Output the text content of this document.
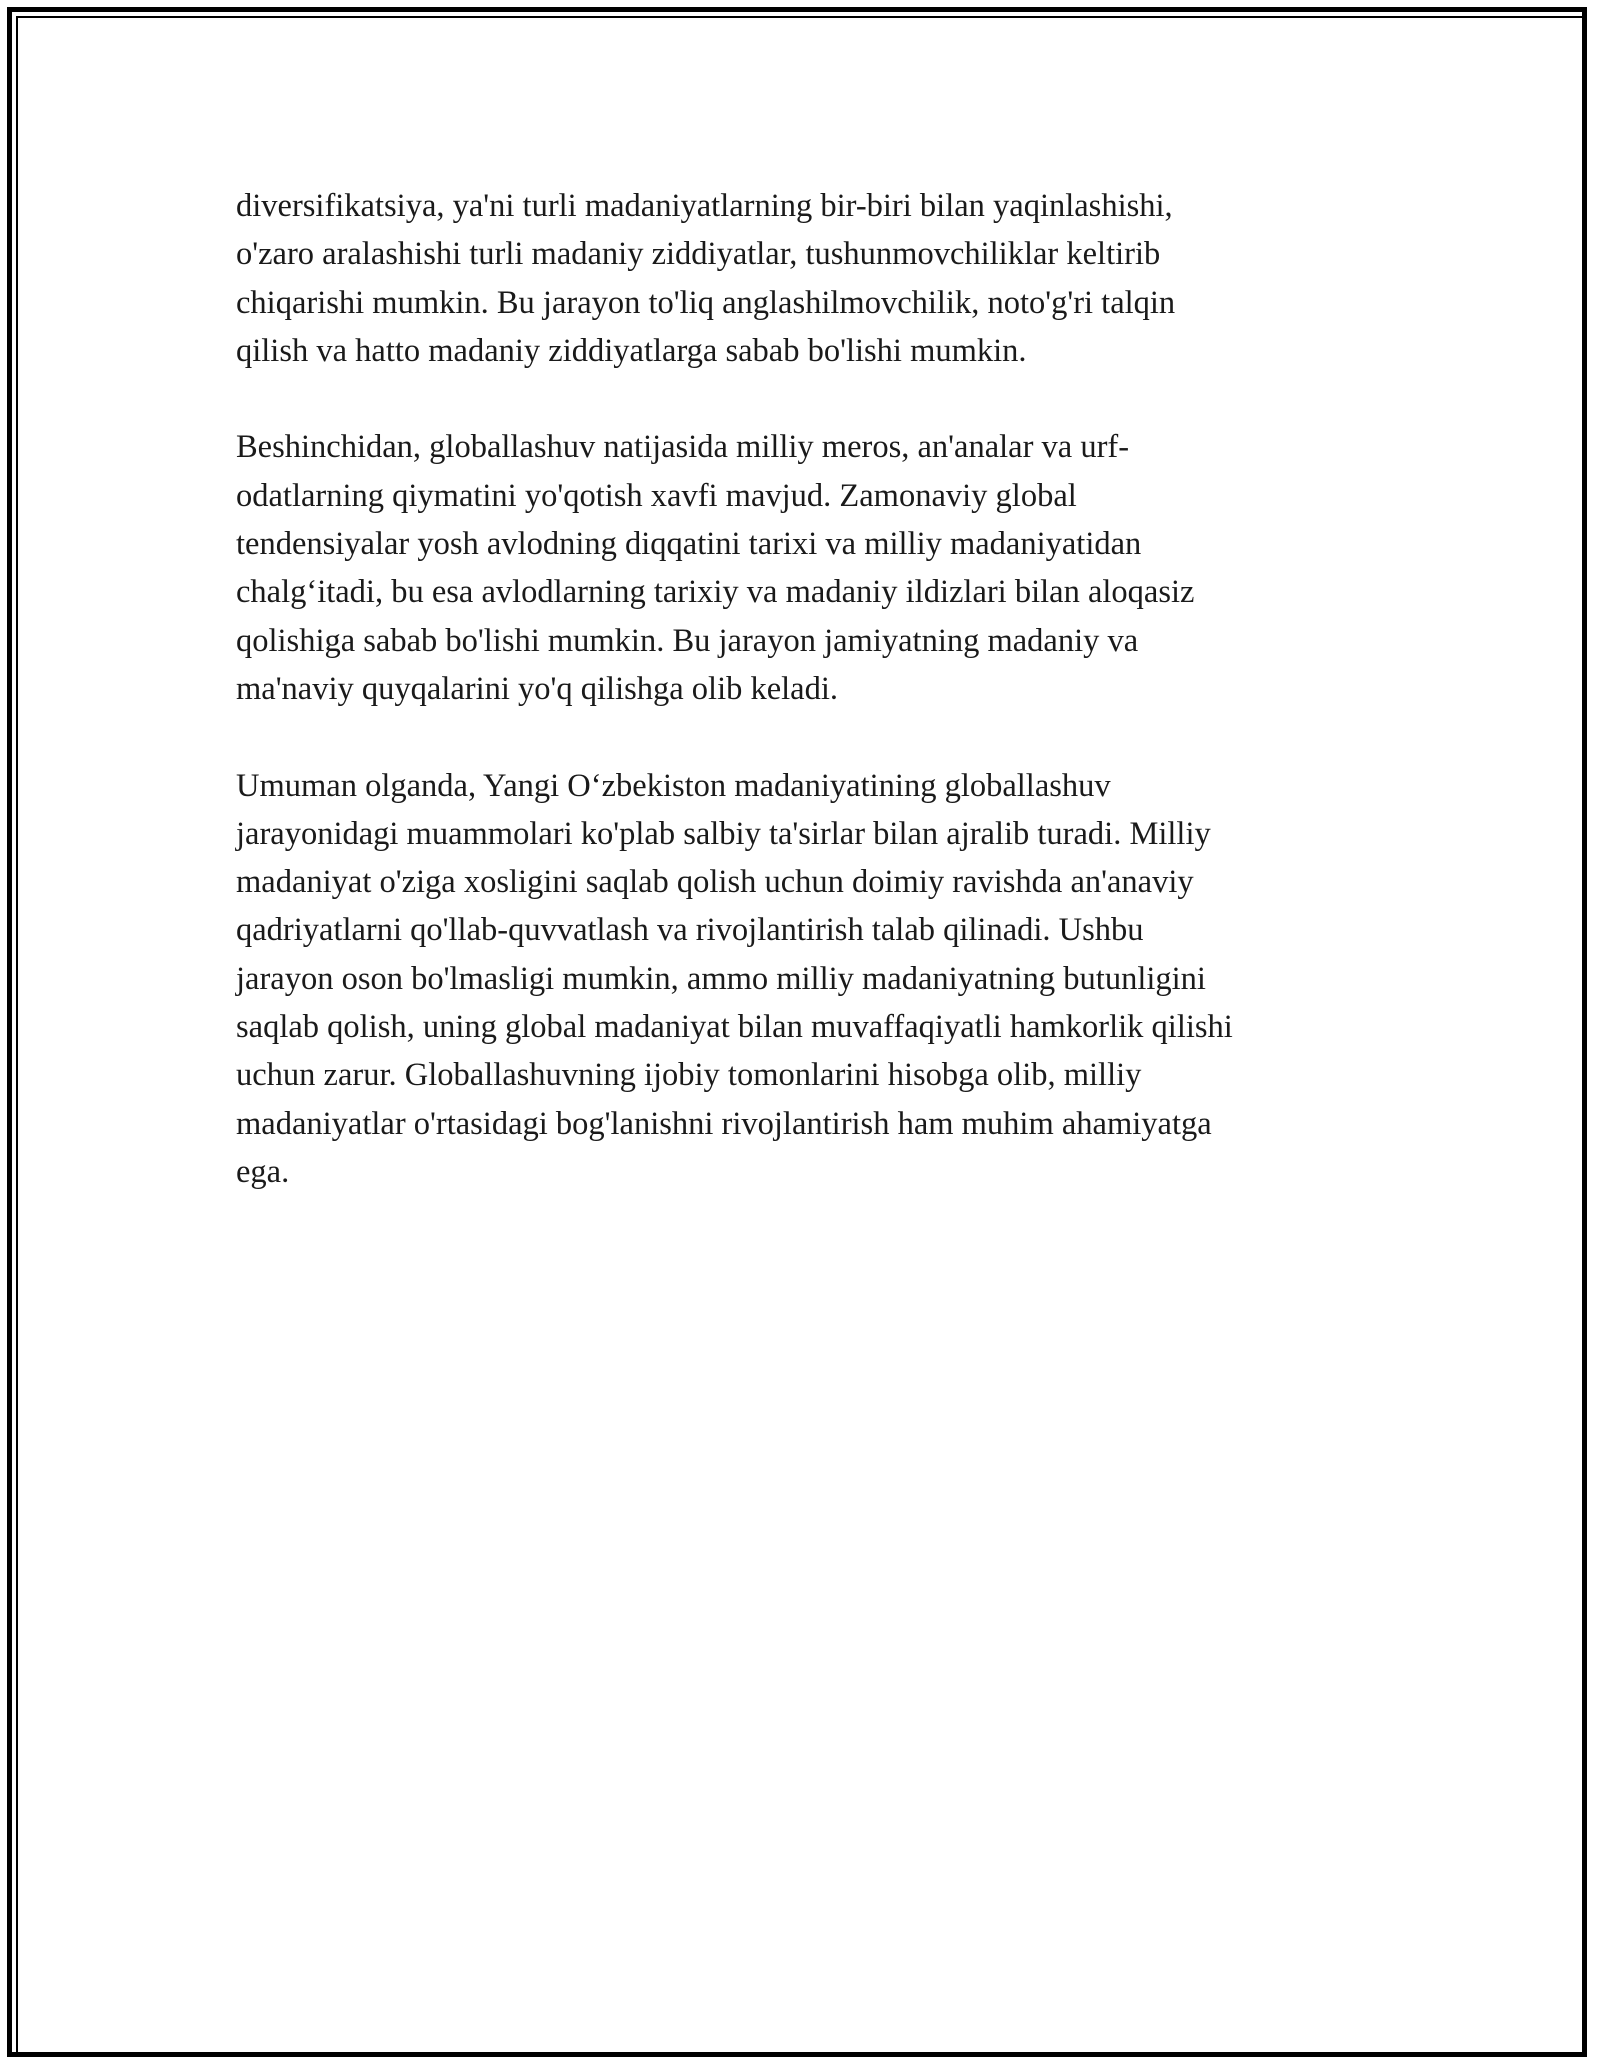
diversifikatsiya, ya'ni turli madaniyatlarning bir-biri bilan yaqinlashishi,
o'zaro aralashishi turli madaniy ziddiyatlar, tushunmovchiliklar keltirib
chiqarishi mumkin. Bu jarayon to'liq anglashilmovchilik, noto'g'ri talqin
qilish va hatto madaniy ziddiyatlarga sabab bo'lishi mumkin.

Beshinchidan, globallashuv natijasida milliy meros, an'analar va urf-
odatlarning qiymatini yo'qotish xavfi mavjud. Zamonaviy global
tendensiyalar yosh avlodning diqqatini tarixi va milliy madaniyatidan
chalg‘itadi, bu esa avlodlarning tarixiy va madaniy ildizlari bilan aloqasiz
qolishiga sabab bo'lishi mumkin. Bu jarayon jamiyatning madaniy va
ma'naviy quyqalarini yo'q qilishga olib keladi.

Umuman olganda, Yangi O‘zbekiston madaniyatining globallashuv
jarayonidagi muammolari ko'plab salbiy ta'sirlar bilan ajralib turadi. Milliy
madaniyat o'ziga xosligini saqlab qolish uchun doimiy ravishda an'anaviy
qadriyatlarni qo'llab-quvvatlash va rivojlantirish talab qilinadi. Ushbu
jarayon oson bo'lmasligi mumkin, ammo milliy madaniyatning butunligini
saqlab qolish, uning global madaniyat bilan muvaffaqiyatli hamkorlik qilishi
uchun zarur. Globallashuvning ijobiy tomonlarini hisobga olib, milliy
madaniyatlar o'rtasidagi bog'lanishni rivojlantirish ham muhim ahamiyatga
ega.
